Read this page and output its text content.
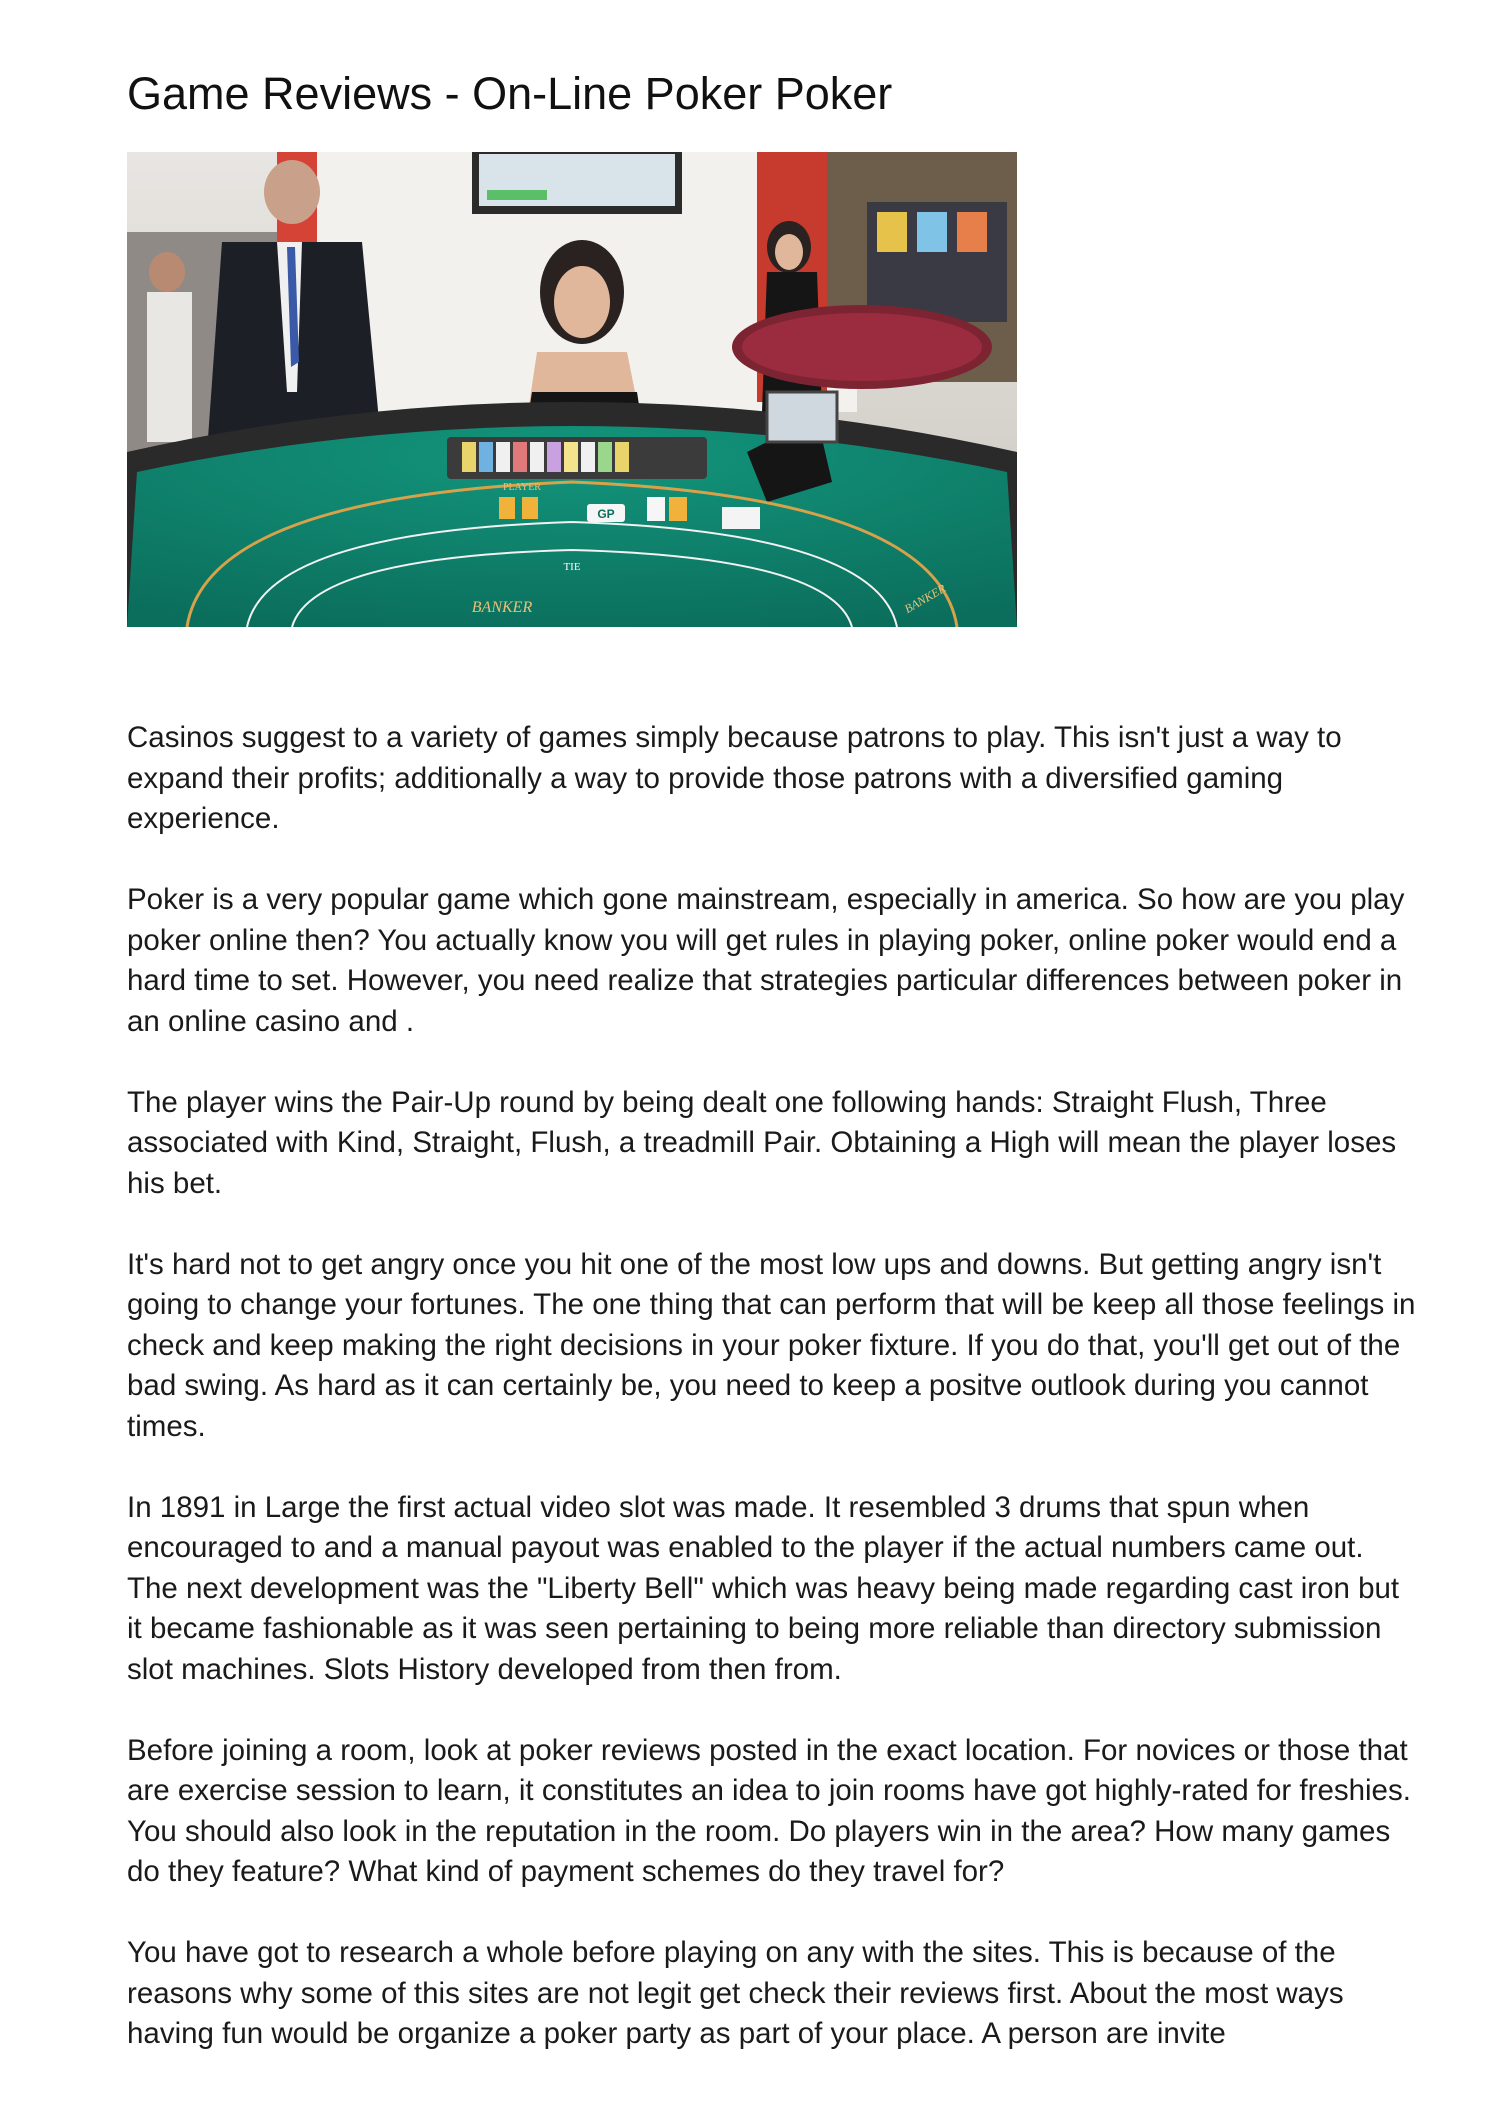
Game Reviews - On-Line Poker Poker
GP
PLAYER
TIE
BANKER	BANKER

Casinos suggest to a variety of games simply because patrons to play. This isn't just a way to expand their profits; additionally a way to provide those patrons with a diversified gaming experience.

Poker is a very popular game which gone mainstream, especially in america. So how are you play poker online then? You actually know you will get rules in playing poker, online poker would end a hard time to set. However, you need realize that strategies particular differences between poker in an online casino and .

The player wins the Pair-Up round by being dealt one following hands: Straight Flush, Three associated with Kind, Straight, Flush, a treadmill Pair. Obtaining a High will mean the player loses his bet.

It's hard not to get angry once you hit one of the most low ups and downs. But getting angry isn't going to change your fortunes. The one thing that can perform that will be keep all those feelings in check and keep making the right decisions in your poker fixture. If you do that, you'll get out of the bad swing. As hard as it can certainly be, you need to keep a positve outlook during you cannot times.

In 1891 in Large the first actual video slot was made. It resembled 3 drums that spun when encouraged to and a manual payout was enabled to the player if the actual numbers came out. The next development was the "Liberty Bell" which was heavy being made regarding cast iron but it became fashionable as it was seen pertaining to being more reliable than directory submission slot machines. Slots History developed from then from.

Before joining a room, look at poker reviews posted in the exact location. For novices or those that are exercise session to learn, it constitutes an idea to join rooms have got highly-rated for freshies. You should also look in the reputation in the room. Do players win in the area? How many games do they feature? What kind of payment schemes do they travel for?

You have got to research a whole before playing on any with the sites. This is because of the reasons why some of this sites are not legit get check their reviews first. About the most ways having fun would be organize a poker party as part of your place. A person are invite
